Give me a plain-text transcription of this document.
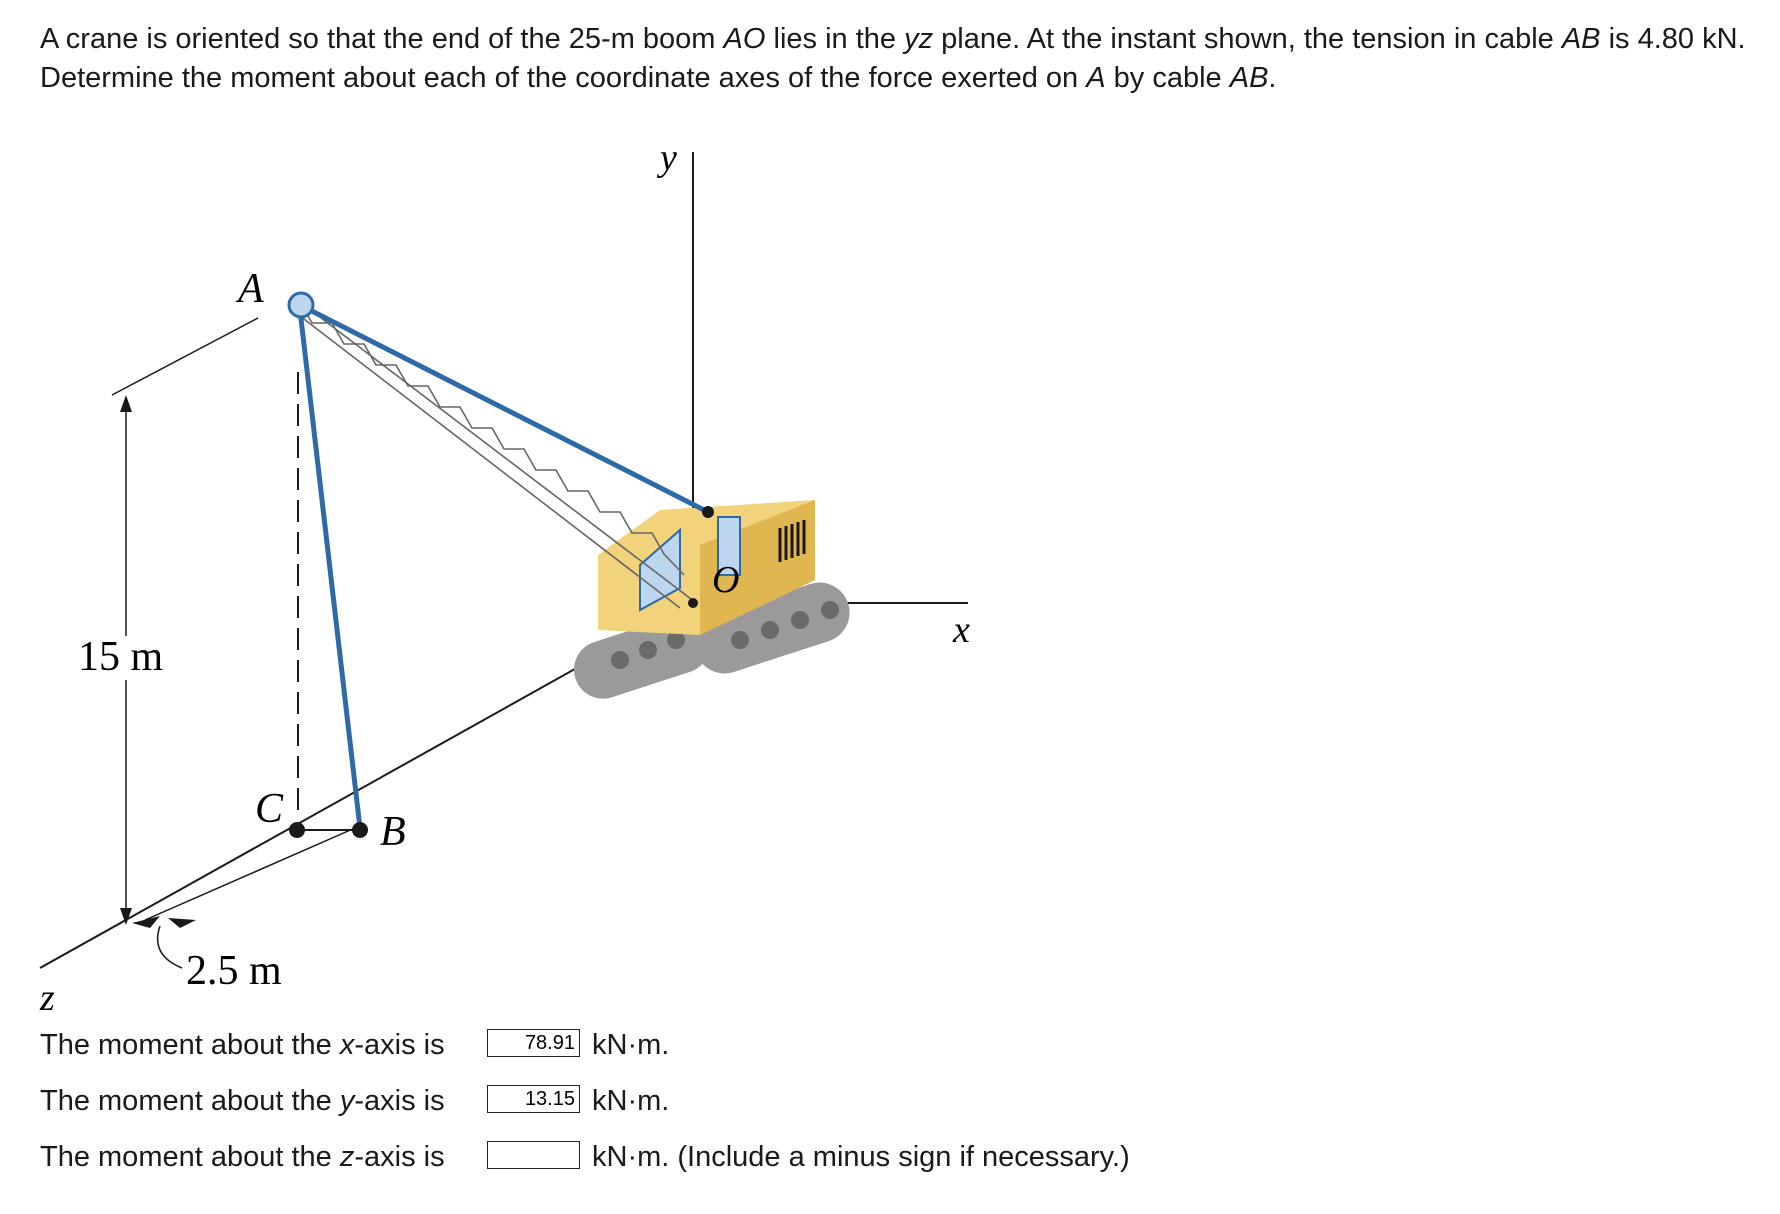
A crane is oriented so that the end of the 25-m boom AO lies in the yz plane. At the instant shown, the tension in cable AB is 4.80 kN. Determine the moment about each of the coordinate axes of the force exerted on A by cable AB.

y
x
z
A
O
B
C
15 m
2.5 m
The moment about the x-axis is
78.91	kN·m.
The moment about the y-axis is
13.15	kN·m.
The moment about the z-axis is	kN·m. (Include a minus sign if necessary.)
